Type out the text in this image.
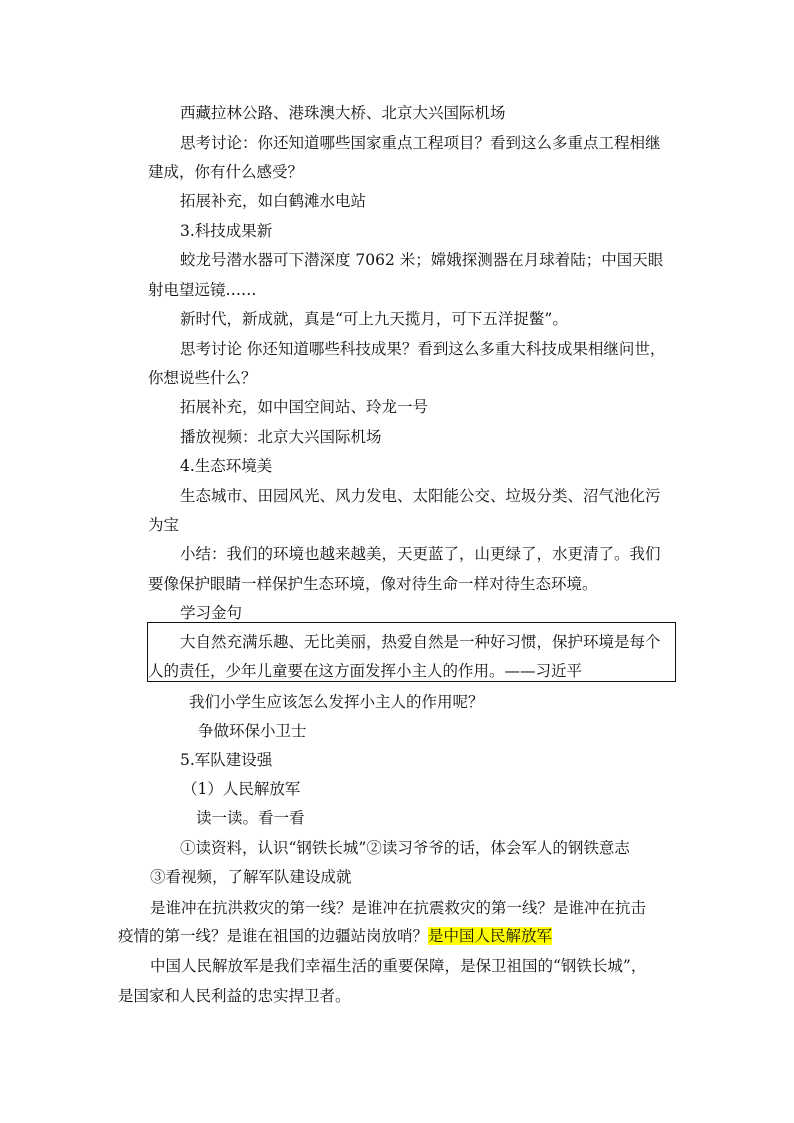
西藏拉林公路、港珠澳大桥、北京大兴国际机场
思考讨论：你还知道哪些国家重点工程项目？看到这么多重点工程相继
建成，你有什么感受？
拓展补充，如白鹤滩水电站
3.科技成果新
蛟龙号潜水器可下潜深度 7062 米；嫦娥探测器在月球着陆；中国天眼
射电望远镜……
新时代，新成就，真是“可上九天揽月，可下五洋捉鳖”。
思考讨论 你还知道哪些科技成果？看到这么多重大科技成果相继问世，
你想说些什么？
拓展补充，如中国空间站、玲龙一号
播放视频：北京大兴国际机场
4.生态环境美
生态城市、田园风光、风力发电、太阳能公交、垃圾分类、沼气池化污
为宝
小结：我们的环境也越来越美，天更蓝了，山更绿了，水更清了。我们
要像保护眼睛一样保护生态环境，像对待生命一样对待生态环境。
学习金句
大自然充满乐趣、无比美丽，热爱自然是一种好习惯，保护环境是每个
人的责任，少年儿童要在这方面发挥小主人的作用。——习近平
我们小学生应该怎么发挥小主人的作用呢？
争做环保小卫士
5.军队建设强
（1）人民解放军
读一读。看一看
①读资料，认识“钢铁长城”②读习爷爷的话，体会军人的钢铁意志
③看视频，了解军队建设成就
是谁冲在抗洪救灾的第一线？是谁冲在抗震救灾的第一线？是谁冲在抗击
疫情的第一线？是谁在祖国的边疆站岗放哨？是中国人民解放军
中国人民解放军是我们幸福生活的重要保障，是保卫祖国的“钢铁长城”，
是国家和人民利益的忠实捍卫者。
